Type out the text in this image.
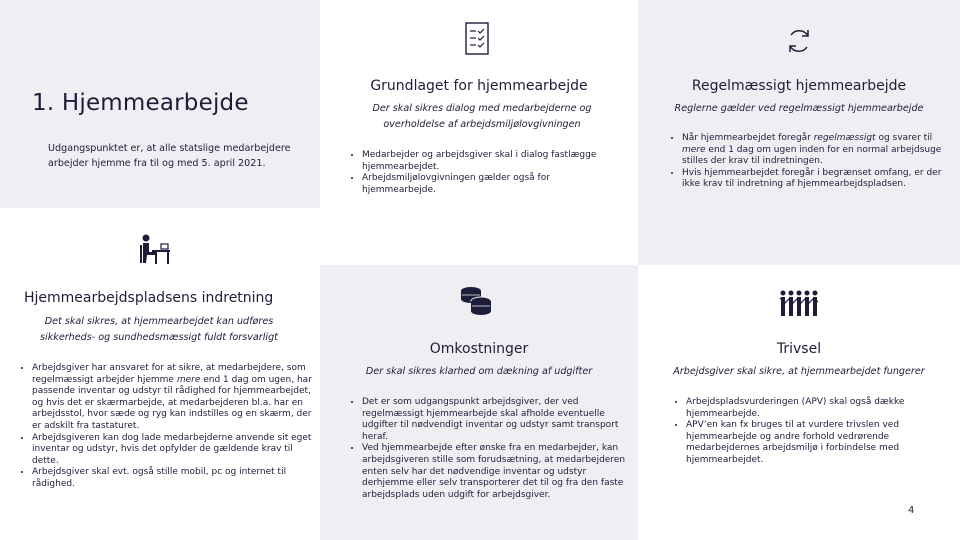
1. Hjemmearbejde

Udgangspunktet er, at alle statslige medarbejdere arbejder hjemme fra til og med 5. april 2021.

Grundlaget for hjemmearbejde

Der skal sikres dialog med medarbejderne og overholdelse af arbejdsmiljølovgivningen

• Medarbejder og arbejdsgiver skal i dialog fastlægge hjemmearbejdet.
• Arbejdsmiljølovgivningen gælder også for hjemmearbejde.
Regelmæssigt hjemmearbejde

Reglerne gælder ved regelmæssigt hjemmearbejde

• Når hjemmearbejdet foregår regelmæssigt og svarer til mere end 1 dag om ugen inden for en normal arbejdsuge stilles der krav til indretningen.
• Hvis hjemmearbejdet foregår i begrænset omfang, er der ikke krav til indretning af hjemmearbejdspladsen.
Hjemmearbejdspladsens indretning

Det skal sikres, at hjemmearbejdet kan udføres sikkerheds- og sundhedsmæssigt fuldt forsvarligt

• Arbejdsgiver har ansvaret for at sikre, at medarbejdere, som regelmæssigt arbejder hjemme mere end 1 dag om ugen, har passende inventar og udstyr til rådighed for hjemmearbejdet, og hvis det er skærmarbejde, at medarbejderen bl.a. har en arbejdsstol, hvor sæde og ryg kan indstilles og en skærm, der er adskilt fra tastaturet.
• Arbejdsgiveren kan dog lade medarbejderne anvende sit eget inventar og udstyr, hvis det opfylder de gældende krav til dette.
• Arbejdsgiver skal evt. også stille mobil, pc og internet til rådighed.
Omkostninger

Der skal sikres klarhed om dækning af udgifter

• Det er som udgangspunkt arbejdsgiver, der ved regelmæssigt hjemmearbejde skal afholde eventuelle udgifter til nødvendigt inventar og udstyr samt transport heraf.
• Ved hjemmearbejde efter ønske fra en medarbejder, kan arbejdsgiveren stille som forudsætning, at medarbejderen enten selv har det nødvendige inventar og udstyr derhjemme eller selv transporterer det til og fra den faste arbejdsplads uden udgift for arbejdsgiver.
Trivsel

Arbejdsgiver skal sikre, at hjemmearbejdet fungerer

• Arbejdspladsvurderingen (APV) skal også dække hjemmearbejde.
• APV’en kan fx bruges til at vurdere trivslen ved hjemmearbejde og andre forhold vedrørende medarbejdernes arbejdsmiljø i forbindelse med hjemmearbejdet.

4
